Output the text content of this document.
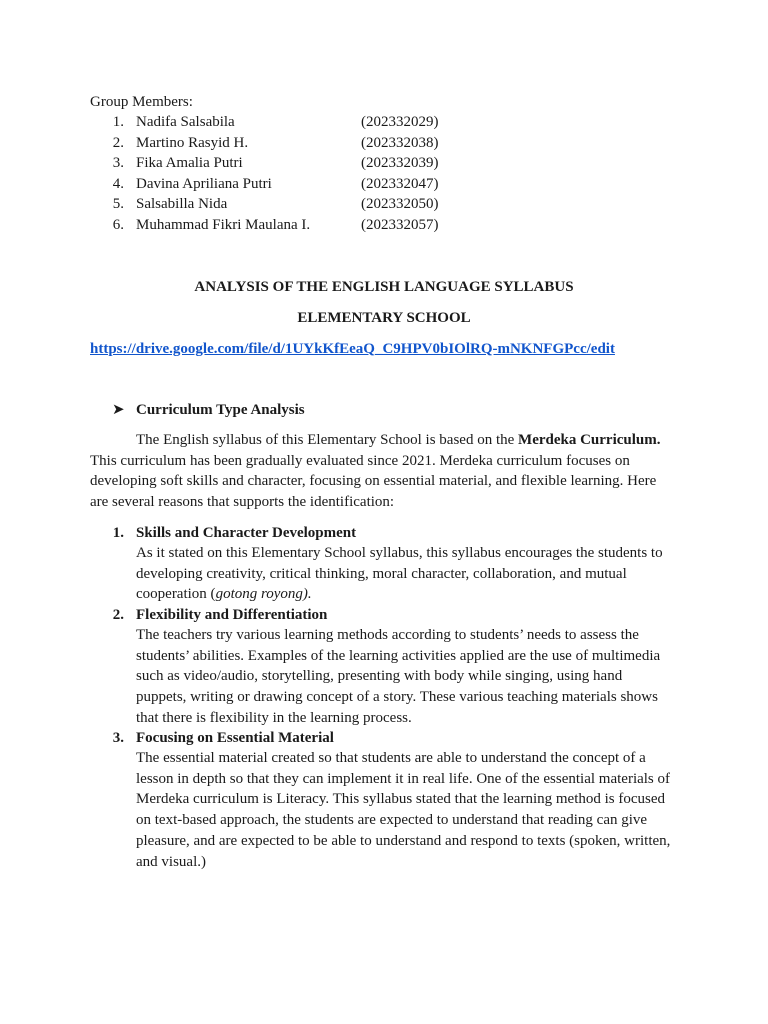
Group Members:
1. Nadifa Salsabila	(202332029)
2. Martino Rasyid H.	(202332038)
3. Fika Amalia Putri	(202332039)
4. Davina Apriliana Putri	(202332047)
5. Salsabilla Nida	(202332050)
6. Muhammad Fikri Maulana I.	(202332057)
ANALYSIS OF THE ENGLISH LANGUAGE SYLLABUS
ELEMENTARY SCHOOL
https://drive.google.com/file/d/1UYkKfEeaQ_C9HPV0bIOlRQ-mNKNFGPcc/edit
➤ Curriculum Type Analysis
The English syllabus of this Elementary School is based on the Merdeka Curriculum.
This curriculum has been gradually evaluated since 2021. Merdeka curriculum focuses on
developing soft skills and character, focusing on essential material, and flexible learning. Here
are several reasons that supports the identification:
1. Skills and Character Development
As it stated on this Elementary School syllabus, this syllabus encourages the students to
developing creativity, critical thinking, moral character, collaboration, and mutual
cooperation (gotong royong).
2. Flexibility and Differentiation
The teachers try various learning methods according to students’ needs to assess the
students’ abilities. Examples of the learning activities applied are the use of multimedia
such as video/audio, storytelling, presenting with body while singing, using hand
puppets, writing or drawing concept of a story. These various teaching materials shows
that there is flexibility in the learning process.
3. Focusing on Essential Material
The essential material created so that students are able to understand the concept of a
lesson in depth so that they can implement it in real life. One of the essential materials of
Merdeka curriculum is Literacy. This syllabus stated that the learning method is focused
on text-based approach, the students are expected to understand that reading can give
pleasure, and are expected to be able to understand and respond to texts (spoken, written,
and visual.)
